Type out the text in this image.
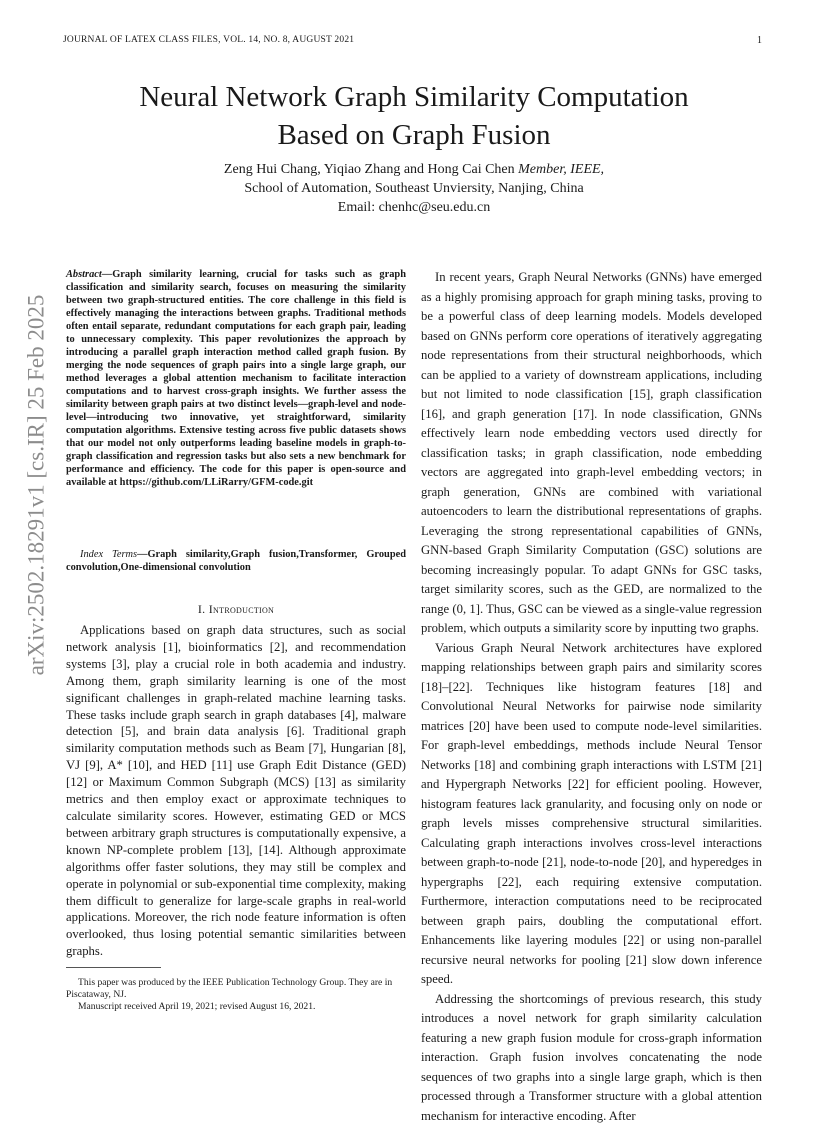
JOURNAL OF LATEX CLASS FILES, VOL. 14, NO. 8, AUGUST 2021	1
Neural Network Graph Similarity Computation
Based on Graph Fusion
Zeng Hui Chang, Yiqiao Zhang and Hong Cai Chen Member, IEEE,
School of Automation, Southeast Unviersity, Nanjing, China
Email: chenhc@seu.edu.cn
arXiv:2502.18291v1 [cs.IR] 25 Feb 2025
Abstract—Graph similarity learning, crucial for tasks such as graph classification and similarity search, focuses on measuring the similarity between two graph-structured entities. The core challenge in this field is effectively managing the interactions between graphs. Traditional methods often entail separate, redundant computations for each graph pair, leading to unnecessary complexity. This paper revolutionizes the approach by introducing a parallel graph interaction method called graph fusion. By merging the node sequences of graph pairs into a single large graph, our method leverages a global attention mechanism to facilitate interaction computations and to harvest cross-graph insights. We further assess the similarity between graph pairs at two distinct levels—graph-level and node-level—introducing two innovative, yet straightforward, similarity computation algorithms. Extensive testing across five public datasets shows that our model not only outperforms leading baseline models in graph-to-graph classification and regression tasks but also sets a new benchmark for performance and efficiency. The code for this paper is open-source and available at https://github.com/LLiRarry/GFM-code.git

Index Terms—Graph similarity,Graph fusion,Transformer, Grouped convolution,One-dimensional convolution

I. Introduction

Applications based on graph data structures, such as social network analysis [1], bioinformatics [2], and recommendation systems [3], play a crucial role in both academia and industry. Among them, graph similarity learning is one of the most significant challenges in graph-related machine learning tasks. These tasks include graph search in graph databases [4], malware detection [5], and brain data analysis [6]. Traditional graph similarity computation methods such as Beam [7], Hungarian [8], VJ [9], A* [10], and HED [11] use Graph Edit Distance (GED) [12] or Maximum Common Subgraph (MCS) [13] as similarity metrics and then employ exact or approximate techniques to calculate similarity scores. However, estimating GED or MCS between arbitrary graph structures is computationally expensive, a known NP-complete problem [13], [14]. Although approximate algorithms offer faster solutions, they may still be complex and operate in polynomial or sub-exponential time complexity, making them difficult to generalize for large-scale graphs in real-world applications. Moreover, the rich node feature information is often overlooked, thus losing potential semantic similarities between graphs.

This paper was produced by the IEEE Publication Technology Group. They are in Piscataway, NJ.

Manuscript received April 19, 2021; revised August 16, 2021.

In recent years, Graph Neural Networks (GNNs) have emerged as a highly promising approach for graph mining tasks, proving to be a powerful class of deep learning models. Models developed based on GNNs perform core operations of iteratively aggregating node representations from their structural neighborhoods, which can be applied to a variety of downstream applications, including but not limited to node classification [15], graph classification [16], and graph generation [17]. In node classification, GNNs effectively learn node embedding vectors used directly for classification tasks; in graph classification, node embedding vectors are aggregated into graph-level embedding vectors; in graph generation, GNNs are combined with variational autoencoders to learn the distributional representations of graphs. Leveraging the strong representational capabilities of GNNs, GNN-based Graph Similarity Computation (GSC) solutions are becoming increasingly popular. To adapt GNNs for GSC tasks, target similarity scores, such as the GED, are normalized to the range (0, 1]. Thus, GSC can be viewed as a single-value regression problem, which outputs a similarity score by inputting two graphs.

Various Graph Neural Network architectures have explored mapping relationships between graph pairs and similarity scores [18]–[22]. Techniques like histogram features [18] and Convolutional Neural Networks for pairwise node similarity matrices [20] have been used to compute node-level similarities. For graph-level embeddings, methods include Neural Tensor Networks [18] and combining graph interactions with LSTM [21] and Hypergraph Networks [22] for efficient pooling. However, histogram features lack granularity, and focusing only on node or graph levels misses comprehensive structural similarities. Calculating graph interactions involves cross-level interactions between graph-to-node [21], node-to-node [20], and hyperedges in hypergraphs [22], each requiring extensive computation. Furthermore, interaction computations need to be reciprocated between graph pairs, doubling the computational effort. Enhancements like layering modules [22] or using non-parallel recursive neural networks for pooling [21] slow down inference speed.

Addressing the shortcomings of previous research, this study introduces a novel network for graph similarity calculation featuring a new graph fusion module for cross-graph information interaction. Graph fusion involves concatenating the node sequences of two graphs into a single large graph, which is then processed through a Transformer structure with a global attention mechanism for interactive encoding. After
